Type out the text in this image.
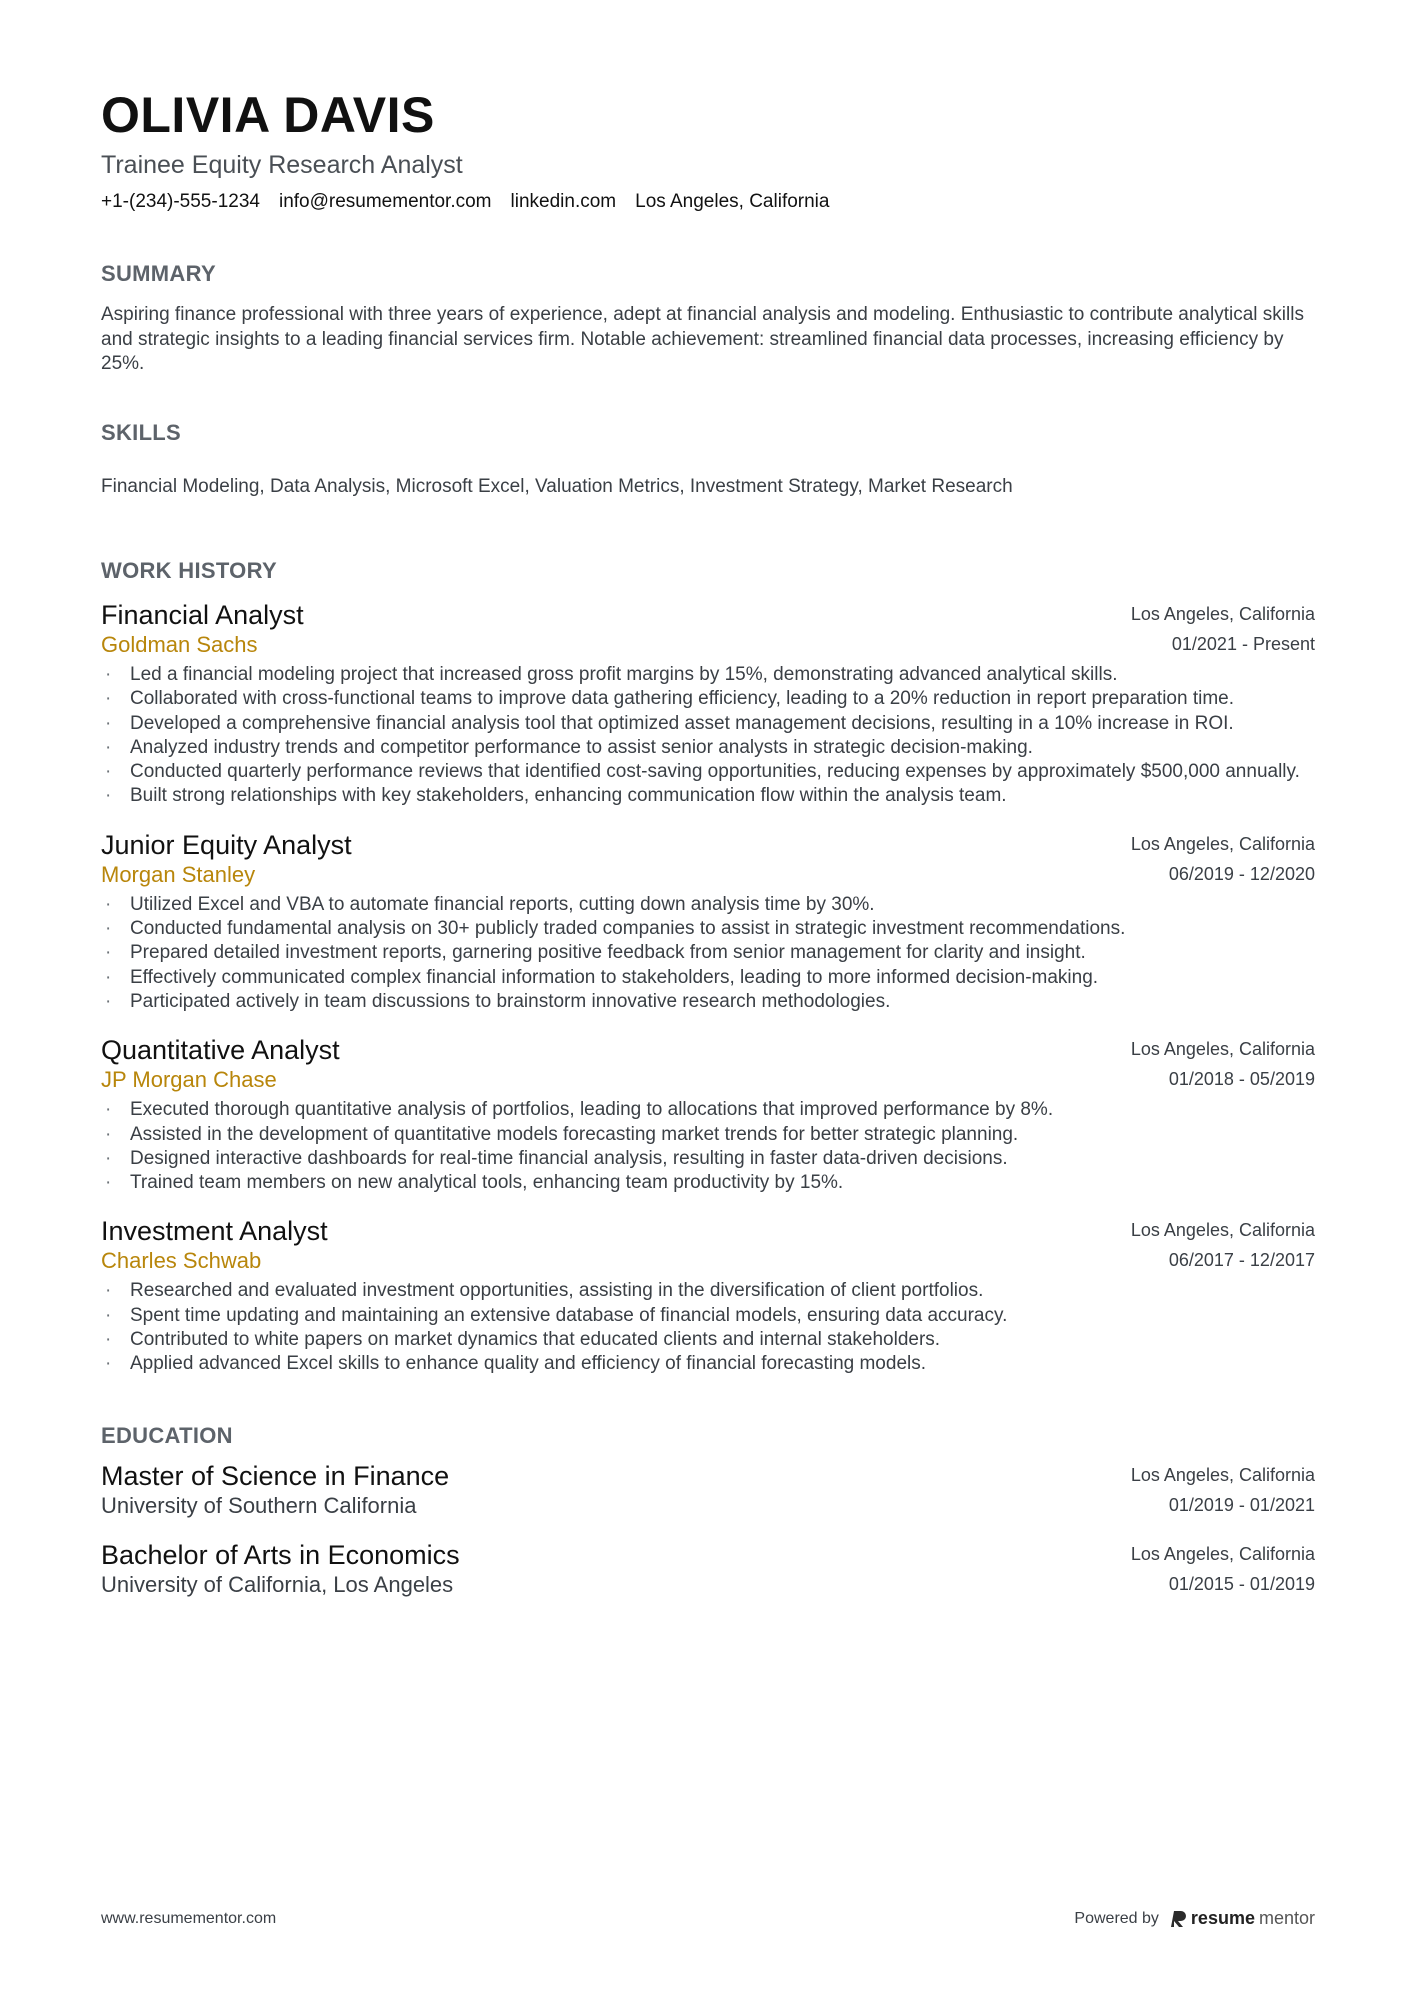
OLIVIA DAVIS
Trainee Equity Research Analyst
+1-(234)-555-1234 info@resumementor.com linkedin.com Los Angeles, California
SUMMARY
Aspiring finance professional with three years of experience, adept at financial analysis and modeling. Enthusiastic to contribute analytical skills and strategic insights to a leading financial services firm. Notable achievement: streamlined financial data processes, increasing efficiency by 25%.
SKILLS
Financial Modeling, Data Analysis, Microsoft Excel, Valuation Metrics, Investment Strategy, Market Research
WORK HISTORY
Financial Analyst
Goldman Sachs
Los Angeles, California
01/2021 - Present
· Led a financial modeling project that increased gross profit margins by 15%, demonstrating advanced analytical skills.
· Collaborated with cross-functional teams to improve data gathering efficiency, leading to a 20% reduction in report preparation time.
· Developed a comprehensive financial analysis tool that optimized asset management decisions, resulting in a 10% increase in ROI.
· Analyzed industry trends and competitor performance to assist senior analysts in strategic decision-making.
· Conducted quarterly performance reviews that identified cost-saving opportunities, reducing expenses by approximately $500,000 annually.
· Built strong relationships with key stakeholders, enhancing communication flow within the analysis team.
Junior Equity Analyst
Morgan Stanley
Los Angeles, California
06/2019 - 12/2020
· Utilized Excel and VBA to automate financial reports, cutting down analysis time by 30%.
· Conducted fundamental analysis on 30+ publicly traded companies to assist in strategic investment recommendations.
· Prepared detailed investment reports, garnering positive feedback from senior management for clarity and insight.
· Effectively communicated complex financial information to stakeholders, leading to more informed decision-making.
· Participated actively in team discussions to brainstorm innovative research methodologies.
Quantitative Analyst
JP Morgan Chase
Los Angeles, California
01/2018 - 05/2019
· Executed thorough quantitative analysis of portfolios, leading to allocations that improved performance by 8%.
· Assisted in the development of quantitative models forecasting market trends for better strategic planning.
· Designed interactive dashboards for real-time financial analysis, resulting in faster data-driven decisions.
· Trained team members on new analytical tools, enhancing team productivity by 15%.
Investment Analyst
Charles Schwab
Los Angeles, California
06/2017 - 12/2017
· Researched and evaluated investment opportunities, assisting in the diversification of client portfolios.
· Spent time updating and maintaining an extensive database of financial models, ensuring data accuracy.
· Contributed to white papers on market dynamics that educated clients and internal stakeholders.
· Applied advanced Excel skills to enhance quality and efficiency of financial forecasting models.
EDUCATION
Master of Science in Finance
University of Southern California
Los Angeles, California
01/2019 - 01/2021
Bachelor of Arts in Economics
University of California, Los Angeles
Los Angeles, California
01/2015 - 01/2019
www.resumementor.com	Powered by resume mentor
